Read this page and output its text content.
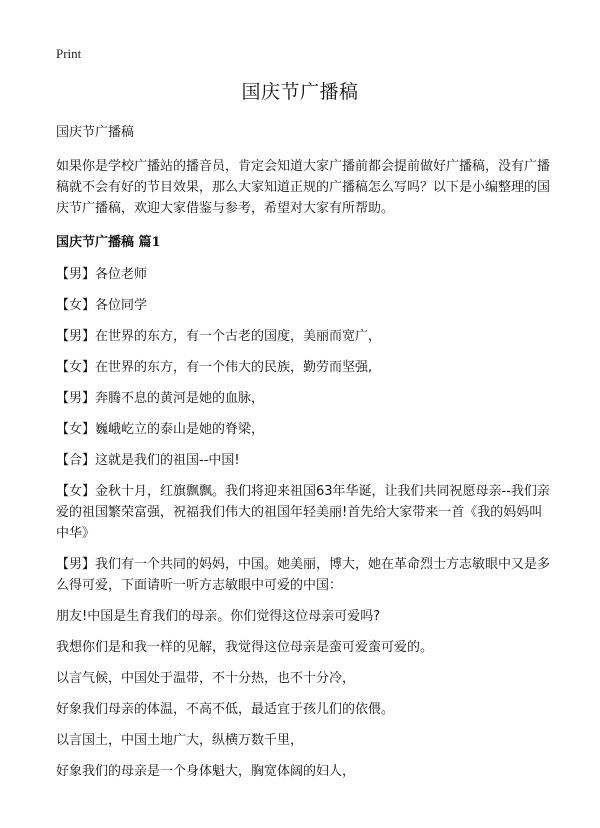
Print
国庆节广播稿

国庆节广播稿

如果你是学校广播站的播音员，肯定会知道大家广播前都会提前做好广播稿，没有广播稿就不会有好的节目效果，那么大家知道正规的广播稿怎么写吗？以下是小编整理的国庆节广播稿，欢迎大家借鉴与参考，希望对大家有所帮助。

国庆节广播稿 篇1

【男】各位老师

【女】各位同学

【男】在世界的东方，有一个古老的国度，美丽而宽广，

【女】在世界的东方，有一个伟大的民族，勤劳而坚强,

【男】奔腾不息的黄河是她的血脉，

【女】巍峨屹立的泰山是她的脊梁，

【合】这就是我们的祖国--中国!

【女】金秋十月，红旗飘飘。我们将迎来祖国63年华诞，让我们共同祝愿母亲--我们亲爱的祖国繁荣富强，祝福我们伟大的祖国年轻美丽!首先给大家带来一首《我的妈妈叫中华》

【男】我们有一个共同的妈妈，中国。她美丽，博大，她在革命烈士方志敏眼中又是多么得可爱，下面请听一听方志敏眼中可爱的中国：

朋友!中国是生育我们的母亲。你们觉得这位母亲可爱吗?

我想你们是和我一样的见解，我觉得这位母亲是蛮可爱蛮可爱的。

以言气候，中国处于温带，不十分热，也不十分冷，

好象我们母亲的体温，不高不低，最适宜于孩儿们的依偎。

以言国土，中国土地广大，纵横万数千里，

好象我们的母亲是一个身体魁大，胸宽体阔的妇人，
